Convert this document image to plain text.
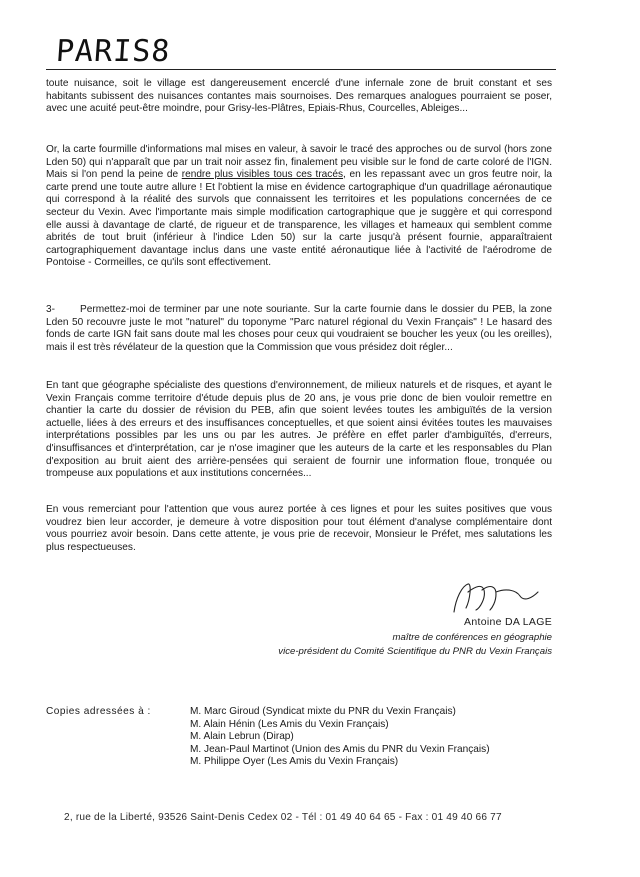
PARIS8

toute nuisance, soit le village est dangereusement encerclé d'une infernale zone de bruit constant et ses habitants subissent des nuisances contantes mais sournoises. Des remarques analogues pourraient se poser, avec une acuité peut-être moindre, pour Grisy-les-Plâtres, Epiais-Rhus, Courcelles, Ableiges...

Or, la carte fourmille d'informations mal mises en valeur, à savoir le tracé des approches ou de survol (hors zone Lden 50) qui n'apparaît que par un trait noir assez fin, finalement peu visible sur le fond de carte coloré de l'IGN. Mais si l'on pend la peine de rendre plus visibles tous ces tracés, en les repassant avec un gros feutre noir, la carte prend une toute autre allure ! Et l'obtient la mise en évidence cartographique d'un quadrillage aéronautique qui correspond à la réalité des survols que connaissent les territoires et les populations concernées de ce secteur du Vexin. Avec l'importante mais simple modification cartographique que je suggère et qui correspond elle aussi à davantage de clarté, de rigueur et de transparence, les villages et hameaux qui semblent comme abrités de tout bruit (inférieur à l'indice Lden 50) sur la carte jusqu'à présent fournie, apparaîtraient cartographiquement davantage inclus dans une vaste entité aéronautique liée à l'activité de l'aérodrome de Pontoise - Cormeilles, ce qu'ils sont effectivement.

3- Permettez-moi de terminer par une note souriante. Sur la carte fournie dans le dossier du PEB, la zone Lden 50 recouvre juste le mot "naturel" du toponyme "Parc naturel régional du Vexin Français" ! Le hasard des fonds de carte IGN fait sans doute mal les choses pour ceux qui voudraient se boucher les yeux (ou les oreilles), mais il est très révélateur de la question que la Commission que vous présidez doit régler...

En tant que géographe spécialiste des questions d'environnement, de milieux naturels et de risques, et ayant le Vexin Français comme territoire d'étude depuis plus de 20 ans, je vous prie donc de bien vouloir remettre en chantier la carte du dossier de révision du PEB, afin que soient levées toutes les ambiguïtés de la version actuelle, liées à des erreurs et des insuffisances conceptuelles, et que soient ainsi évitées toutes les mauvaises interprétations possibles par les uns ou par les autres. Je préfère en effet parler d'ambiguïtés, d'erreurs, d'insuffisances et d'interprétation, car je n'ose imaginer que les auteurs de la carte et les responsables du Plan d'exposition au bruit aient des arrière-pensées qui seraient de fournir une information floue, tronquée ou trompeuse aux populations et aux institutions concernées...

En vous remerciant pour l'attention que vous aurez portée à ces lignes et pour les suites positives que vous voudrez bien leur accorder, je demeure à votre disposition pour tout élément d'analyse complémentaire dont vous pourriez avoir besoin. Dans cette attente, je vous prie de recevoir, Monsieur le Préfet, mes salutations les plus respectueuses.

Antoine DA LAGE
maître de conférences en géographie
vice-président du Comité Scientifique du PNR du Vexin Français
Copies adressées à :	M. Marc Giroud (Syndicat mixte du PNR du Vexin Français)
M. Alain Hénin (Les Amis du Vexin Français)
M. Alain Lebrun (Dirap)
M. Jean-Paul Martinot (Union des Amis du PNR du Vexin Français)
M. Philippe Oyer (Les Amis du Vexin Français)
2, rue de la Liberté, 93526 Saint-Denis Cedex 02 - Tél : 01 49 40 64 65 - Fax : 01 49 40 66 77
